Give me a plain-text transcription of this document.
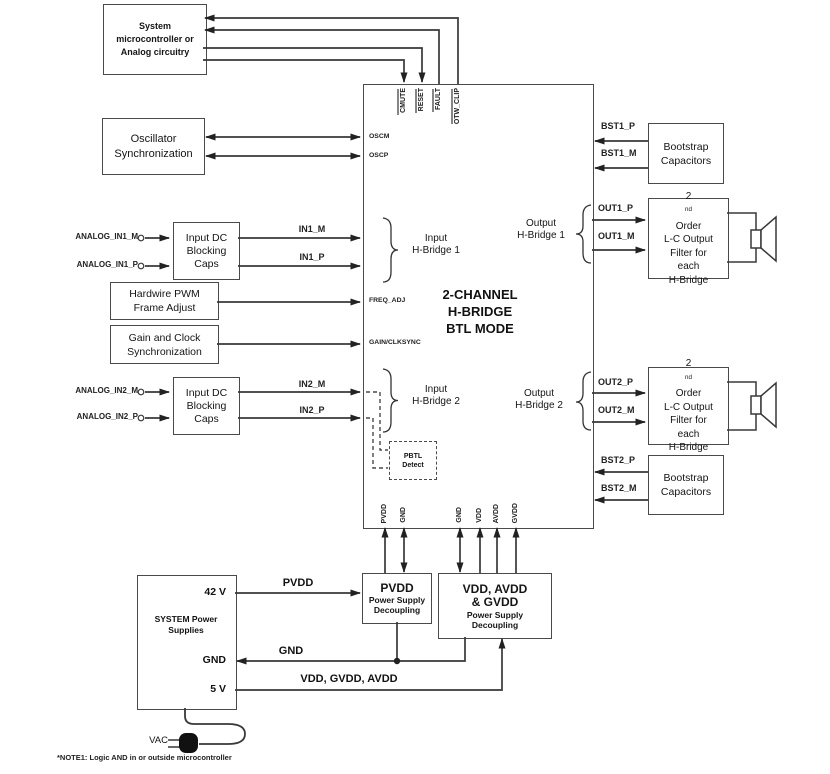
System
microcontroller or
Analog circuitry
Oscillator
Synchronization
Input DC
Blocking
Caps
Hardwire PWM
Frame Adjust
Gain and Clock
Synchronization
Input DC
Blocking
Caps
Bootstrap
Capacitors
2
$^{nd}$
Order
L-C Output
Filter for
each
H-Bridge
2
$^{nd}$
Order
L-C Output
Filter for
each
H-Bridge
Bootstrap
Capacitors
PBTL
Detect
SYSTEM Power
Supplies
42 V
GND
5 V
PVDD
Power Supply
Decoupling
VDD, AVDD
& GVDD
Power Supply
Decoupling
2-CHANNEL
H-BRIDGE
BTL MODE
Input
H-Bridge 1
Input
H-Bridge 2
Output
H-Bridge 1
Output
H-Bridge 2
CMUTE RESET FAULT OTW_CLIP
PVDD GND	GND VDD AVDD GVDD
OSCM
OSCP
FREQ_ADJ
GAIN/CLKSYNC
ANALOG_IN1_M
ANALOG_IN1_P
ANALOG_IN2_M
ANALOG_IN2_P
IN1_M
IN1_P
IN2_M
IN2_P
BST1_P
BST1_M
OUT1_P
OUT1_M
OUT2_P
OUT2_M
BST2_P
BST2_M
PVDD
GND
VDD, GVDD, AVDD
VAC
*NOTE1: Logic AND in or outside microcontroller
